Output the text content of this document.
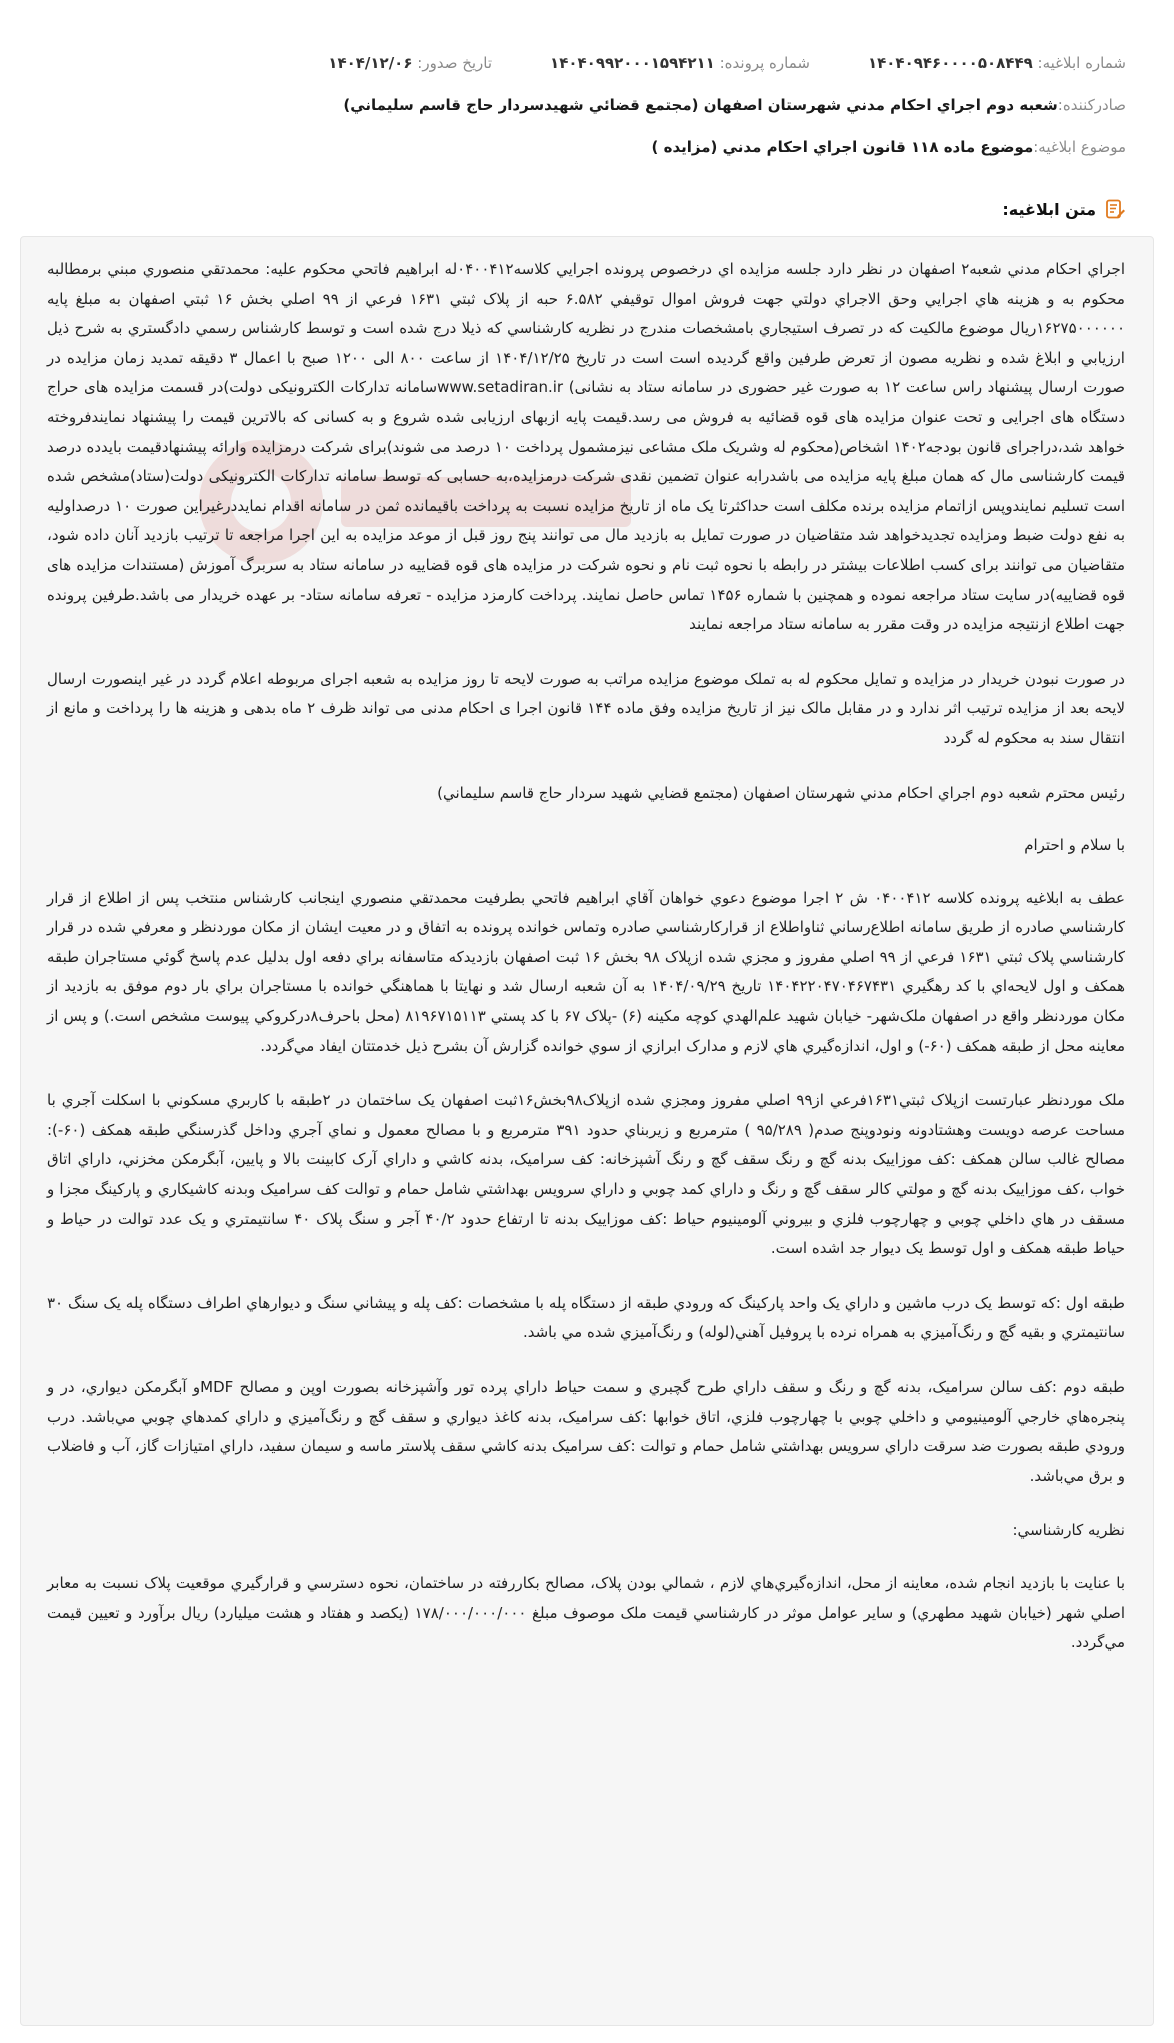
شماره ابلاغيه: ۱۴۰۴۰۹۴۶۰۰۰۰۵۰۸۴۴۹
شماره پرونده: ۱۴۰۴۰۹۹۲۰۰۰۱۵۹۴۲۱۱
تاريخ صدور: ۱۴۰۴/۱۲/۰۶
صادرکننده:
شعبه دوم اجراي احکام مدني شهرستان اصفهان (مجتمع قضائي شهيدسردار حاج قاسم سليماني)
موضوع ابلاغيه:
موضوع ماده ۱۱۸ قانون اجراي احکام مدني (مزايده )
متن ابلاغيه:

اجراي احکام مدني شعبه۲ اصفهان در نظر دارد جلسه مزايده اي درخصوص پرونده اجرايي کلاسه۰۴۰۰۴۱۲له ابراهيم فاتحي محکوم عليه: محمدتقي منصوري مبني برمطالبه محکوم به و هزينه هاي اجرايي وحق الاجراي دولتي جهت فروش اموال توقيفي ۶.۵۸۲ حبه از پلاک ثبتي ۱۶۳۱ فرعي از ۹۹ اصلي بخش ۱۶ ثبتي اصفهان به مبلغ پايه ۱۶۲۷۵۰۰۰۰۰۰ريال موضوع مالکيت که در تصرف استيجاري بامشخصات مندرج در نظريه کارشناسي که ذيلا درج شده است و توسط کارشناس رسمي دادگستري به شرح ذيل ارزيابي و ابلاغ شده و نظريه مصون از تعرض طرفين واقع گرديده است است در تاريخ ۱۴۰۴/۱۲/۲۵ از ساعت ۸۰۰ الی ۱۲۰۰ صبح با اعمال ۳ دقيقه تمديد زمان مزايده در صورت ارسال پيشنهاد راس ساعت ۱۲ به صورت غير حضوری در سامانه ستاد به نشانی) www.setadiran.irسامانه تدارکات الکترونيکی دولت)در قسمت مزايده های حراج دستگاه های اجرايی و تحت عنوان مزايده های قوه قضائيه به فروش می رسد.قيمت پايه ازبهای ارزيابی شده شروع و به کسانی که بالاترين قيمت را پيشنهاد نمايندفروخته خواهد شد،دراجرای قانون بودجه۱۴۰۲ اشخاص(محکوم له وشريک ملک مشاعی نيزمشمول پرداخت ۱۰ درصد می شوند)برای شرکت درمزايده وارائه پيشنهادقيمت بايدده درصد قيمت کارشناسی مال که همان مبلغ پايه مزايده می باشدرابه عنوان تضمين نقدی شرکت درمزايده،به حسابی که توسط سامانه تدارکات الکترونيکی دولت(ستاد)مشخص شده است تسليم نمايندوپس ازاتمام مزايده برنده مکلف است حداکثرتا يک ماه از تاريخ مزايده نسبت به پرداخت باقيمانده ثمن در سامانه اقدام نمايددرغيراين صورت ۱۰ درصداوليه به نفع دولت ضبط ومزايده تجديدخواهد شد متقاضيان در صورت تمايل به بازديد مال می توانند پنج روز قبل از موعد مزايده به اين اجرا مراجعه تا ترتيب بازديد آنان داده شود، متقاضيان می توانند برای کسب اطلاعات بيشتر در رابطه با نحوه ثبت نام و نحوه شرکت در مزايده های قوه قضاييه در سامانه ستاد به سربرگ آموزش (مستندات مزايده های قوه قضاييه)در سايت ستاد مراجعه نموده و همچنين با شماره ۱۴۵۶ تماس حاصل نمايند. پرداخت کارمزد مزايده - تعرفه سامانه ستاد- بر عهده خريدار می باشد.طرفين پرونده جهت اطلاع ازنتيجه مزايده در وقت مقرر به سامانه ستاد مراجعه نمايند

در صورت نبودن خريدار در مزايده و تمايل محکوم له به تملک موضوع مزايده مراتب به صورت لايحه تا روز مزايده به شعبه اجرای مربوطه اعلام گردد در غير اينصورت ارسال لايحه بعد از مزايده ترتيب اثر ندارد و در مقابل مالک نيز از تاريخ مزايده وفق ماده ۱۴۴ قانون اجرا ی احکام مدنی می تواند ظرف ۲ ماه بدهی و هزينه ها را پرداخت و مانع از انتقال سند به محکوم له گردد

رئيس محترم شعبه دوم اجراي احکام مدني شهرستان اصفهان (مجتمع قضايي شهيد سردار حاج قاسم سليماني)

با سلام و احترام

عطف به ابلاغيه پرونده کلاسه ۰۴۰۰۴۱۲ ش ۲ اجرا موضوع دعوي خواهان آقاي ابراهيم فاتحي بطرفيت محمدتقي منصوري اينجانب کارشناس منتخب پس از اطلاع از قرار کارشناسي صادره از طريق سامانه اطلاع‌رساني ثناواطلاع از قرارکارشناسي صادره وتماس خوانده پرونده به اتفاق و در معيت ايشان از مکان موردنظر و معرفي شده در قرار کارشناسي پلاک ثبتي ۱۶۳۱ فرعي از ۹۹ اصلي مفروز و مجزي شده ازپلاک ۹۸ بخش ۱۶ ثبت اصفهان بازديدکه متاسفانه براي دفعه اول بدليل عدم پاسخ گوئي مستاجران طبقه همکف و اول لايحه‌اي با کد رهگيري ۱۴۰۴۲۲۰۴۷۰۴۶۷۴۳۱ تاريخ ۱۴۰۴/۰۹/۲۹ به آن شعبه ارسال شد و نهايتا با هماهنگي خوانده با مستاجران براي بار دوم موفق به بازديد از مکان موردنظر واقع در اصفهان ملک‌شهر- خيابان شهيد علم‌الهدي کوچه مکينه (۶) -پلاک ۶۷ با کد پستي ۸۱۹۶۷۱۵۱۱۳ (محل باحرف۸درکروکي پيوست مشخص است.) و پس از معاينه محل از طبقه همکف (۶۰-) و اول، اندازه‌گيري هاي لازم و مدارک ابرازي از سوي خوانده گزارش آن بشرح ذيل خدمتتان ايفاد مي‌گردد.

ملک موردنظر عبارتست ازپلاک ثبتي۱۶۳۱فرعي از۹۹ اصلي مفروز ومجزي شده ازپلاک۹۸بخش۱۶ثبت اصفهان يک ساختمان در ۲طبقه با کاربري مسکوني با اسکلت آجري با مساحت عرصه دويست وهشتادونه ونودوپنج صدم( ۹۵/۲۸۹ ) مترمربع و زيربناي حدود ۳۹۱ مترمربع و با مصالح معمول و نماي آجري وداخل گذرسنگي طبقه همکف (۶۰-): مصالح غالب سالن همکف :کف موزاييک بدنه گچ و رنگ سقف گچ و رنگ آشپزخانه: کف سراميک، بدنه کاشي و داراي آرک کابينت بالا و پايين، آبگرمکن مخزني، داراي اتاق خواب ،کف موزاييک بدنه گچ و مولتي کالر سقف گچ و رنگ و داراي کمد چوبي و داراي سرويس بهداشتي شامل حمام و توالت کف سراميک وبدنه کاشيکاري و پارکينگ مجزا و مسقف در هاي داخلي چوبي و چهارچوب فلزي و بيروني آلومينيوم حياط :کف موزاييک بدنه تا ارتفاع حدود ۴۰/۲ آجر و سنگ پلاک ۴۰ سانتيمتري و يک عدد توالت در حياط و حياط طبقه همکف و اول توسط يک ديوار جد اشده است.

طبقه اول :که توسط يک درب ماشين و داراي يک واحد پارکينگ که ورودي طبقه از دستگاه پله با مشخصات :کف پله و پيشاني سنگ و ديوارهاي اطراف دستگاه پله يک سنگ ۳۰ سانتيمتري و بقيه گچ و رنگ‌آميزي به همراه نرده با پروفيل آهني(لوله) و رنگ‌آميزي شده مي باشد.

طبقه دوم :کف سالن سراميک، بدنه گچ و رنگ و سقف داراي طرح گچبري و سمت حياط داراي پرده تور وآشپزخانه بصورت اوپن و مصالح MDFو آبگرمکن ديواري، در و پنجره‌هاي خارجي آلومينيومي و داخلي چوبي با چهارچوب فلزي، اتاق خوابها :کف سراميک، بدنه کاغذ ديواري و سقف گچ و رنگ‌آميزي و داراي کمدهاي چوبي مي‌باشد. درب ورودي طبقه بصورت ضد سرقت داراي سرويس بهداشتي شامل حمام و توالت :کف سراميک بدنه کاشي سقف پلاستر ماسه و سيمان سفيد، داراي امتيازات گاز، آب و فاضلاب و برق مي‌باشد.

نظريه کارشناسي:

با عنايت با بازديد انجام شده، معاينه از محل، اندازه‌گيري‌هاي لازم ، شمالي بودن پلاک، مصالح بکاررفته در ساختمان، نحوه دسترسي و قرارگيري موقعيت پلاک نسبت به معابر اصلي شهر (خيابان شهيد مطهري) و ساير عوامل موثر در کارشناسي قيمت ملک موصوف مبلغ ۱۷۸/۰۰۰/۰۰۰/۰۰۰ (يکصد و هفتاد و هشت ميليارد) ريال برآورد و تعيين قيمت مي‌گردد.
